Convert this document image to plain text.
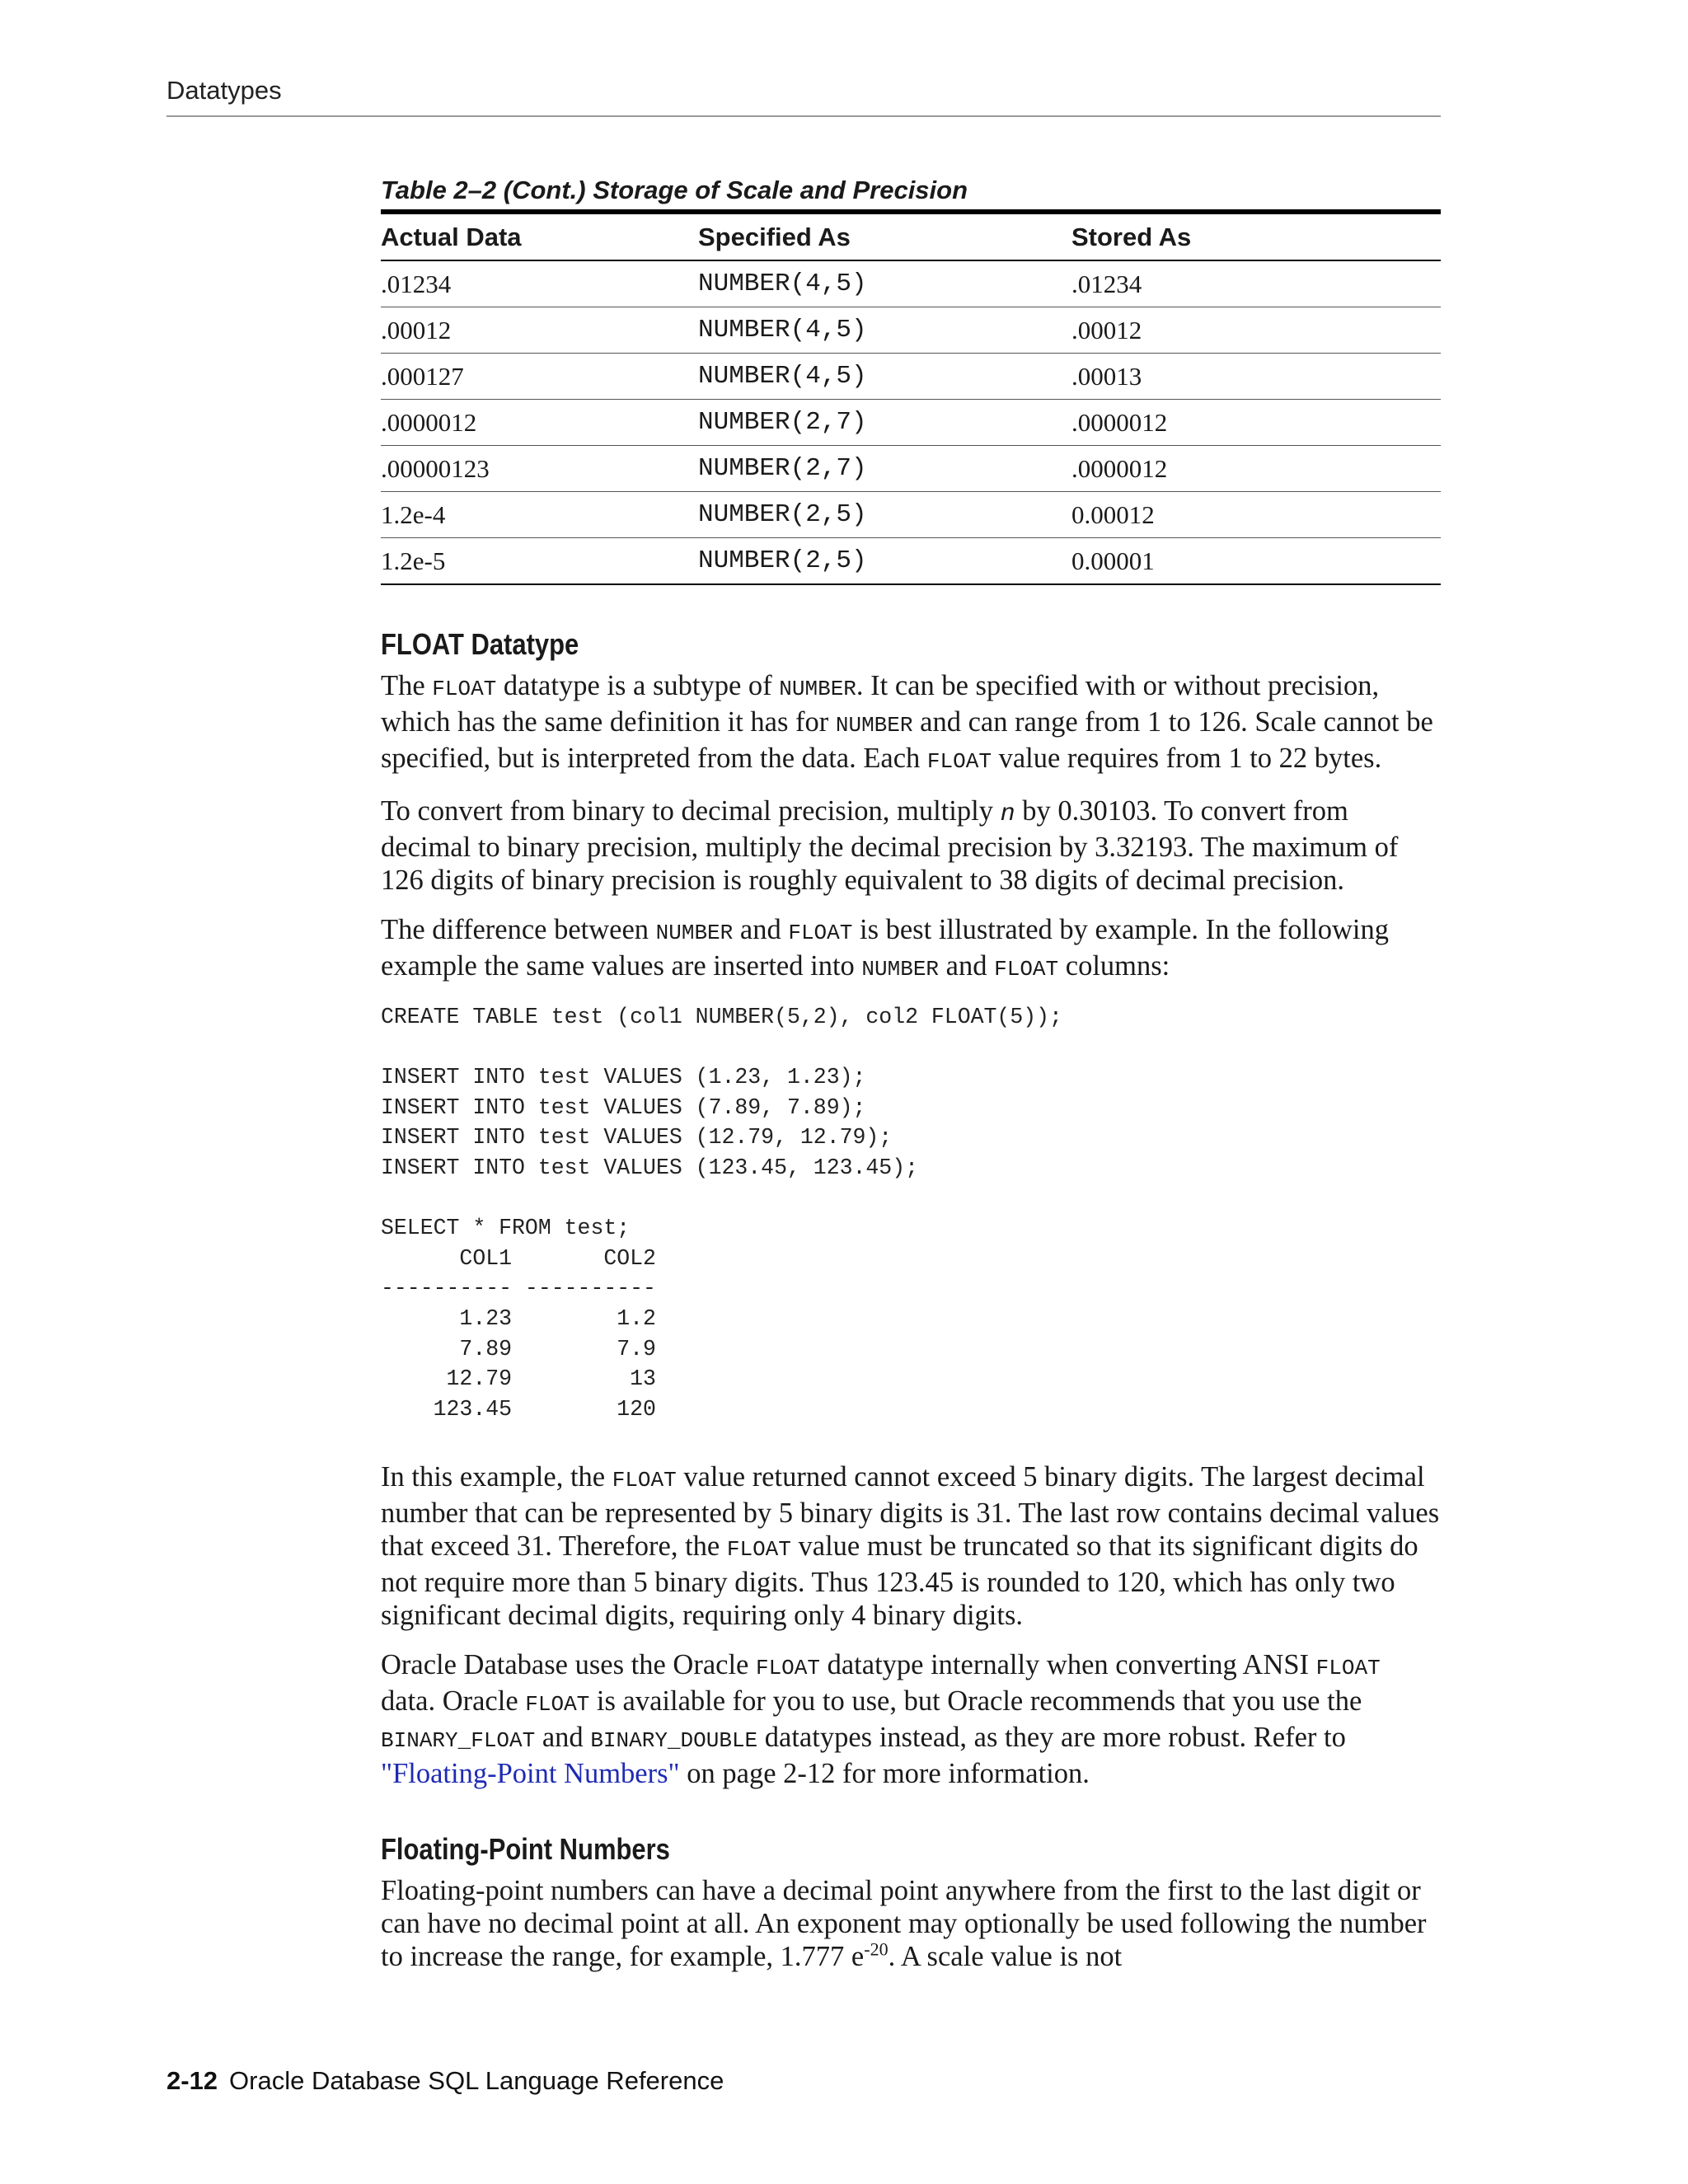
Datatypes
Table 2–2 (Cont.) Storage of Scale and Precision
Actual Data	Specified As	Stored As
.01234	NUMBER(4,5)	.01234
.00012	NUMBER(4,5)	.00012
.000127	NUMBER(4,5)	.00013
.0000012	NUMBER(2,7)	.0000012
.00000123	NUMBER(2,7)	.0000012
1.2e-4	NUMBER(2,5)	0.00012
1.2e-5	NUMBER(2,5)	0.00001
FLOAT Datatype

The FLOAT datatype is a subtype of NUMBER. It can be specified with or without precision, which has the same definition it has for NUMBER and can range from 1 to 126. Scale cannot be specified, but is interpreted from the data. Each FLOAT value requires from 1 to 22 bytes.

To convert from binary to decimal precision, multiply n by 0.30103. To convert from decimal to binary precision, multiply the decimal precision by 3.32193. The maximum of 126 digits of binary precision is roughly equivalent to 38 digits of decimal precision.

The difference between NUMBER and FLOAT is best illustrated by example. In the following example the same values are inserted into NUMBER and FLOAT columns:

CREATE TABLE test (col1 NUMBER(5,2), col2 FLOAT(5));

INSERT INTO test VALUES (1.23, 1.23);
INSERT INTO test VALUES (7.89, 7.89);
INSERT INTO test VALUES (12.79, 12.79);
INSERT INTO test VALUES (123.45, 123.45);

SELECT * FROM test;
COL1       COL2
---------- ----------
1.23        1.2
7.89        7.9
12.79         13
123.45        120

In this example, the FLOAT value returned cannot exceed 5 binary digits. The largest decimal number that can be represented by 5 binary digits is 31. The last row contains decimal values that exceed 31. Therefore, the FLOAT value must be truncated so that its significant digits do not require more than 5 binary digits. Thus 123.45 is rounded to 120, which has only two significant decimal digits, requiring only 4 binary digits.

Oracle Database uses the Oracle FLOAT datatype internally when converting ANSI FLOAT data. Oracle FLOAT is available for you to use, but Oracle recommends that you use the BINARY_FLOAT and BINARY_DOUBLE datatypes instead, as they are more robust. Refer to "Floating-Point Numbers" on page 2-12 for more information.

Floating-Point Numbers

Floating-point numbers can have a decimal point anywhere from the first to the last digit or can have no decimal point at all. An exponent may optionally be used following the number to increase the range, for example, 1.777 $e^{-20}$. A scale value is not

2-12 Oracle Database SQL Language Reference
